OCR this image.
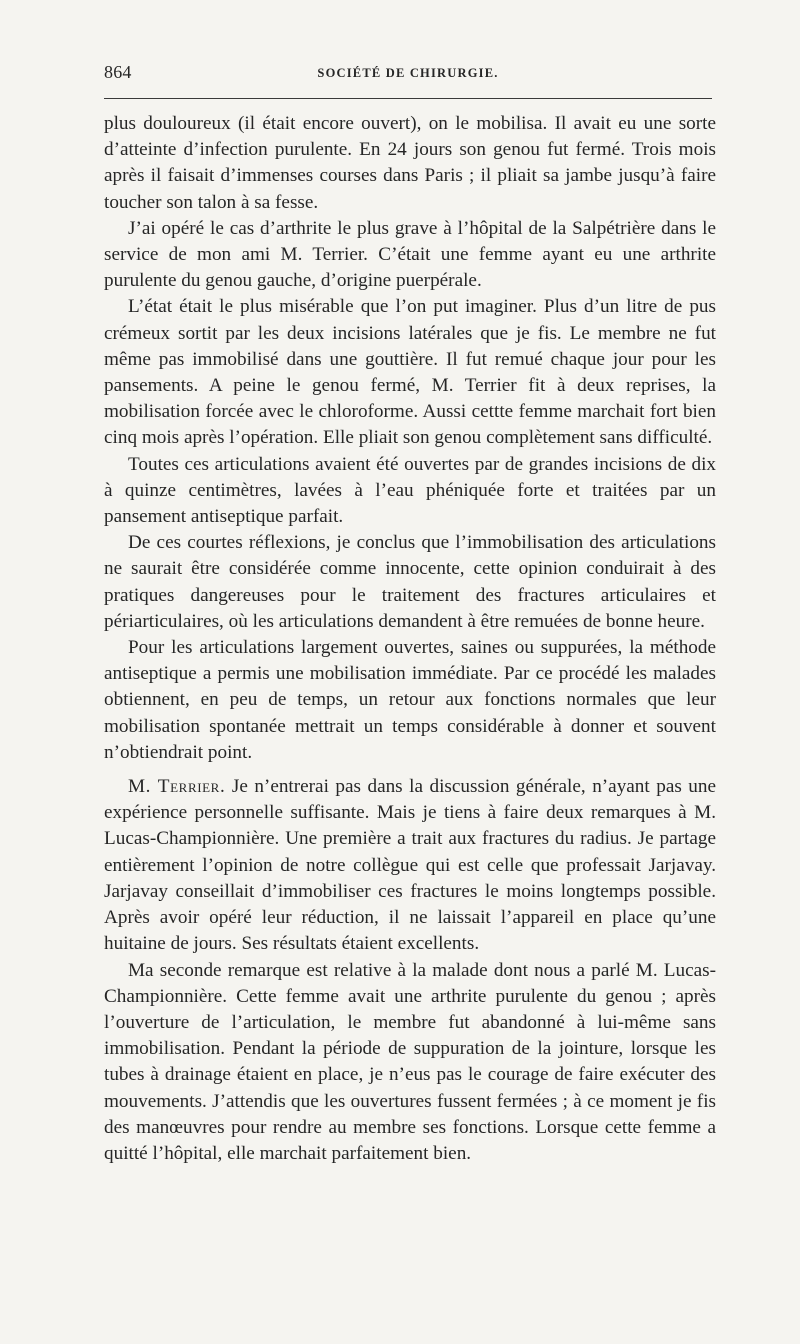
864	SOCIÉTÉ DE CHIRURGIE.

plus douloureux (il était encore ouvert), on le mobilisa. Il avait eu une sorte d’atteinte d’infection purulente. En 24 jours son genou fut fermé. Trois mois après il faisait d’immenses courses dans Paris ; il pliait sa jambe jusqu’à faire toucher son talon à sa fesse.

J’ai opéré le cas d’arthrite le plus grave à l’hôpital de la Salpétrière dans le service de mon ami M. Terrier. C’était une femme ayant eu une arthrite purulente du genou gauche, d’origine puerpérale.

L’état était le plus misérable que l’on put imaginer. Plus d’un litre de pus crémeux sortit par les deux incisions latérales que je fis. Le membre ne fut même pas immobilisé dans une gouttière. Il fut remué chaque jour pour les pansements. A peine le genou fermé, M. Terrier fit à deux reprises, la mobilisation forcée avec le chloroforme. Aussi cettte femme marchait fort bien cinq mois après l’opération. Elle pliait son genou complètement sans difficulté.

Toutes ces articulations avaient été ouvertes par de grandes incisions de dix à quinze centimètres, lavées à l’eau phéniquée forte et traitées par un pansement antiseptique parfait.

De ces courtes réflexions, je conclus que l’immobilisation des articulations ne saurait être considérée comme innocente, cette opinion conduirait à des pratiques dangereuses pour le traitement des fractures articulaires et périarticulaires, où les articulations demandent à être remuées de bonne heure.

Pour les articulations largement ouvertes, saines ou suppurées, la méthode antiseptique a permis une mobilisation immédiate. Par ce procédé les malades obtiennent, en peu de temps, un retour aux fonctions normales que leur mobilisation spontanée mettrait un temps considérable à donner et souvent n’obtiendrait point.

M. Terrier. Je n’entrerai pas dans la discussion générale, n’ayant pas une expérience personnelle suffisante. Mais je tiens à faire deux remarques à M. Lucas-Championnière. Une première a trait aux fractures du radius. Je partage entièrement l’opinion de notre collègue qui est celle que professait Jarjavay. Jarjavay conseillait d’immobiliser ces fractures le moins longtemps possible. Après avoir opéré leur réduction, il ne laissait l’appareil en place qu’une huitaine de jours. Ses résultats étaient excellents.

Ma seconde remarque est relative à la malade dont nous a parlé M. Lucas-Championnière. Cette femme avait une arthrite purulente du genou ; après l’ouverture de l’articulation, le membre fut abandonné à lui-même sans immobilisation. Pendant la période de suppuration de la jointure, lorsque les tubes à drainage étaient en place, je n’eus pas le courage de faire exécuter des mouvements. J’attendis que les ouvertures fussent fermées ; à ce moment je fis des manœuvres pour rendre au membre ses fonctions. Lorsque cette femme a quitté l’hôpital, elle marchait parfaitement bien.
